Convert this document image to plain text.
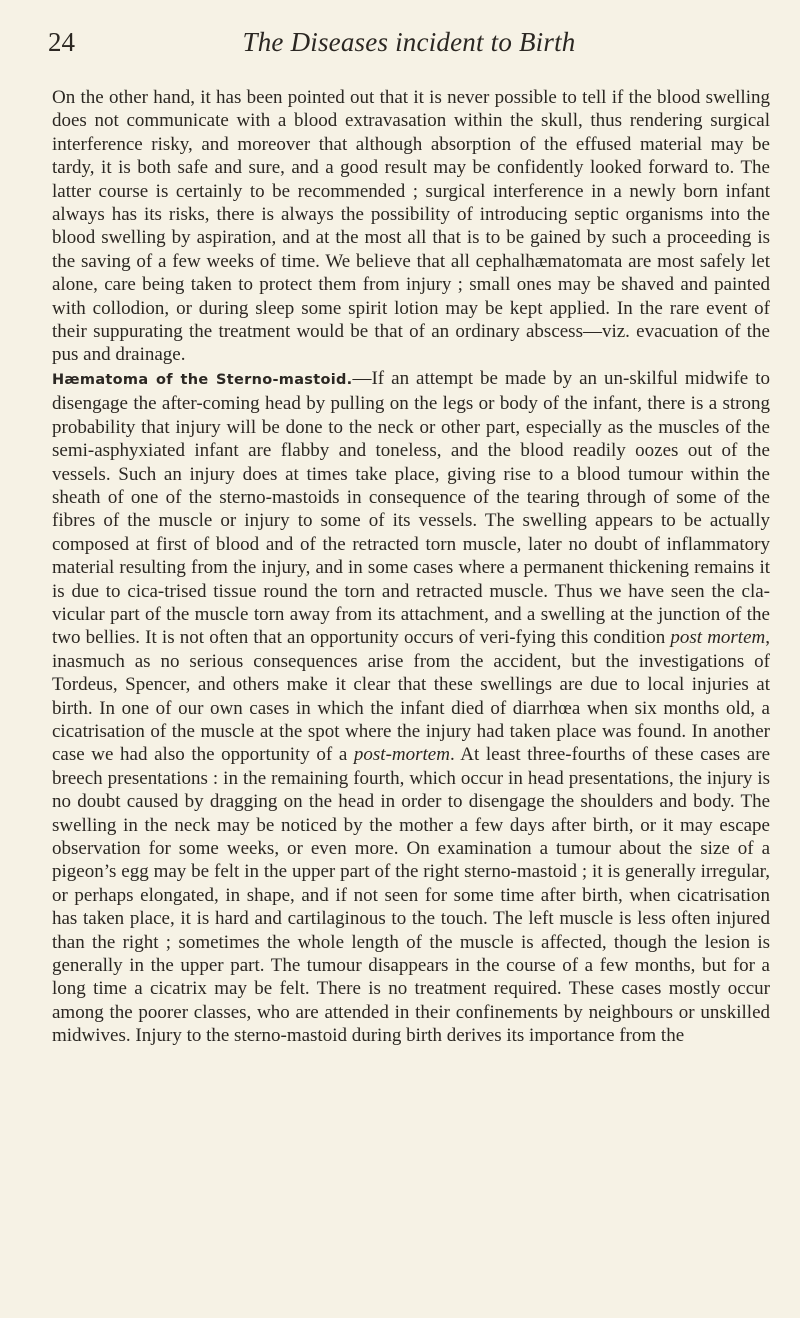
24	The Diseases incident to Birth

On the other hand, it has been pointed out that it is never possible to tell if the blood swelling does not communicate with a blood extravasation within the skull, thus rendering surgical interference risky, and moreover that although absorption of the effused material may be tardy, it is both safe and sure, and a good result may be confidently looked forward to. The latter course is certainly to be recommended ; surgical interference in a newly born infant always has its risks, there is always the possibility of introducing septic organisms into the blood swelling by aspiration, and at the most all that is to be gained by such a proceeding is the saving of a few weeks of time. We believe that all cephalhæmatomata are most safely let alone, care being taken to protect them from injury ; small ones may be shaved and painted with collodion, or during sleep some spirit lotion may be kept applied. In the rare event of their suppurating the treatment would be that of an ordinary abscess—viz. evacuation of the pus and drainage.

Hæmatoma of the Sterno-mastoid.—If an attempt be made by an un-skilful midwife to disengage the after-coming head by pulling on the legs or body of the infant, there is a strong probability that injury will be done to the neck or other part, especially as the muscles of the semi-asphyxiated infant are flabby and toneless, and the blood readily oozes out of the vessels. Such an injury does at times take place, giving rise to a blood tumour within the sheath of one of the sterno-mastoids in consequence of the tearing through of some of the fibres of the muscle or injury to some of its vessels. The swelling appears to be actually composed at first of blood and of the retracted torn muscle, later no doubt of inflammatory material resulting from the injury, and in some cases where a permanent thickening remains it is due to cica-trised tissue round the torn and retracted muscle. Thus we have seen the cla-vicular part of the muscle torn away from its attachment, and a swelling at the junction of the two bellies. It is not often that an opportunity occurs of veri-fying this condition post mortem, inasmuch as no serious consequences arise from the accident, but the investigations of Tordeus, Spencer, and others make it clear that these swellings are due to local injuries at birth. In one of our own cases in which the infant died of diarrhœa when six months old, a cicatrisation of the muscle at the spot where the injury had taken place was found. In another case we had also the opportunity of a post-mortem. At least three-fourths of these cases are breech presentations : in the remaining fourth, which occur in head presentations, the injury is no doubt caused by dragging on the head in order to disengage the shoulders and body. The swelling in the neck may be noticed by the mother a few days after birth, or it may escape observation for some weeks, or even more. On examination a tumour about the size of a pigeon’s egg may be felt in the upper part of the right sterno-mastoid ; it is generally irregular, or perhaps elongated, in shape, and if not seen for some time after birth, when cicatrisation has taken place, it is hard and cartilaginous to the touch. The left muscle is less often injured than the right ; sometimes the whole length of the muscle is affected, though the lesion is generally in the upper part. The tumour disappears in the course of a few months, but for a long time a cicatrix may be felt. There is no treatment required. These cases mostly occur among the poorer classes, who are attended in their confinements by neighbours or unskilled midwives. Injury to the sterno-mastoid during birth derives its importance from the
